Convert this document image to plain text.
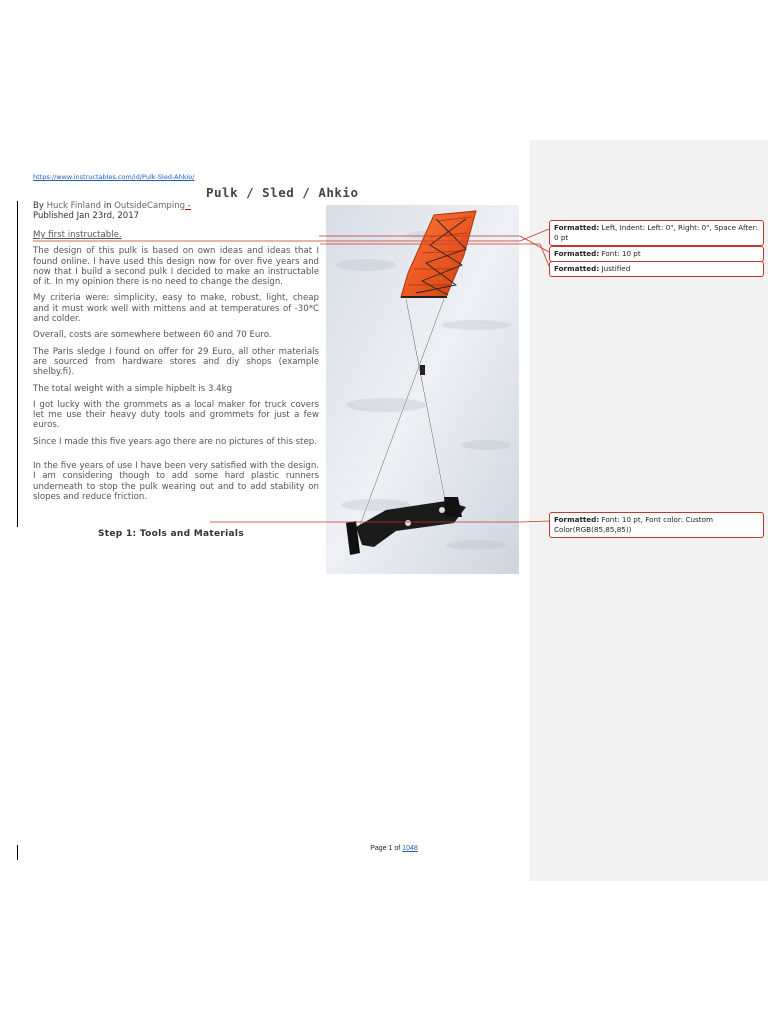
https://www.instructables.com/id/Pulk-Sled-Ahkio/
Pulk / Sled / Ahkio
By Huck Finland in OutsideCamping -
Published Jan 23rd, 2017

My first instructable.

The design of this pulk is based on own ideas and ideas that I found online. I have used this design now for over five years and now that I build a second pulk I decided to make an instructable of it. In my opinion there is no need to change the design.

My criteria were: simplicity, easy to make, robust, light, cheap and it must work well with mittens and at temperatures of -30*C and colder.

Overall, costs are somewhere between 60 and 70 Euro.

The Paris sledge I found on offer for 29 Euro, all other materials are sourced from hardware stores and diy shops (example shelby.fi).

The total weight with a simple hipbelt is 3.4kg

I got lucky with the grommets as a local maker for truck covers let me use their heavy duty tools and grommets for just a few euros.

Since I made this five years ago there are no pictures of this step.

In the five years of use I have been very satisfied with the design. I am considering though to add some hard plastic runners underneath to stop the pulk wearing out and to add stability on slopes and reduce friction.

Step 1: Tools and Materials
Formatted: Left, Indent: Left: 0", Right: 0", Space After: 0 pt
Formatted: Font: 10 pt
Formatted: Justified
Formatted: Font: 10 pt, Font color: Custom Color(RGB(85,85,85))
Page 1 of 1048
